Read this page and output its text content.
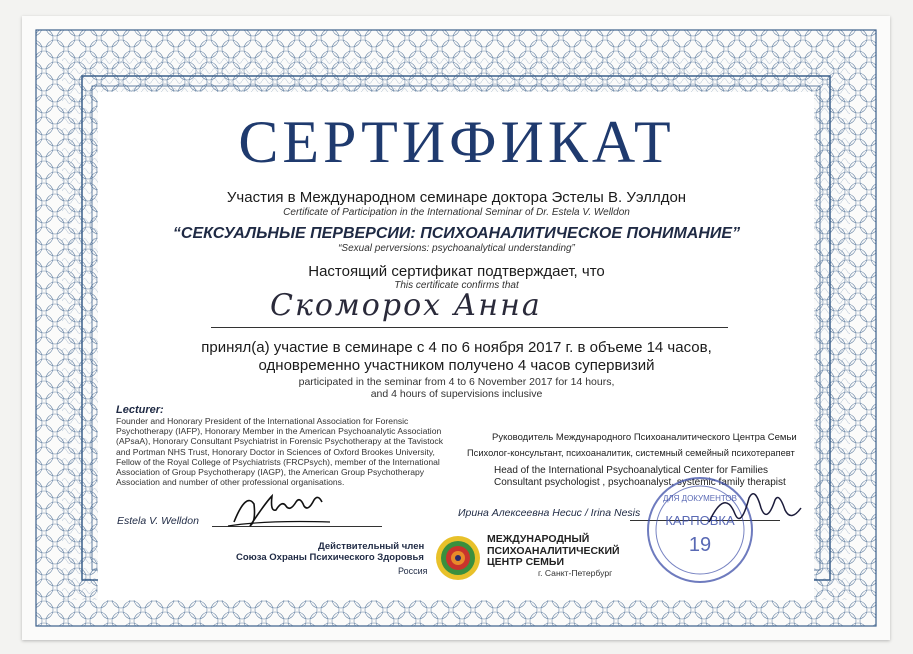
СЕРТИФИКАТ
Участия в Международном семинаре доктора Эстелы В. Уэллдон
Certificate of Participation in the International Seminar of Dr. Estela V. Welldon
“СЕКСУАЛЬНЫЕ ПЕРВЕРСИИ: ПСИХОАНАЛИТИЧЕСКОЕ ПОНИМАНИЕ”
“Sexual perversions: psychoanalytical understanding”
Настоящий сертификат подтверждает, что
This certificate confirms that
Скоморох Анна
принял(а) участие в семинаре с 4 по 6 ноября 2017 г. в объеме 14 часов,
одновременно участником получено 4 часов супервизий
participated in the seminar from 4 to 6 November 2017 for 14 hours,
and 4 hours of supervisions inclusive
Lecturer:
Founder and Honorary President of the International Association for Forensic Psychotherapy (IAFP), Honorary Member in the American Psychoanalytic Association (APsaA), Honorary Consultant Psychiatrist in Forensic Psychotherapy at the Tavistock and Portman NHS Trust, Honorary Doctor in Sciences of Oxford Brookes University, Fellow of the Royal College of Psychiatrists (FRCPsych), member of the International Association of Group Psychotherapy (IAGP), the American Group Psychotherapy Association and number of other professional organisations.
Руководитель Международного Психоаналитического Центра Семьи
Психолог-консультант, психоаналитик, системный семейный психотерапевт
Head of the International Psychoanalytical Center for Families
Consultant psychologist , psychoanalyst, systemic family therapist
Estela V. Welldon
Действительный член
Союза Охраны Психического Здоровья
Россия
Ирина Алексеевна Несис / Irina Nesis
МЕЖДУНАРОДНЫЙ
ПСИХОАНАЛИТИЧЕСКИЙ
ЦЕНТР СЕМЬИ
г. Санкт-Петербург
ДЛЯ ДОКУМЕНТОВ
КАРПОВКА
19
